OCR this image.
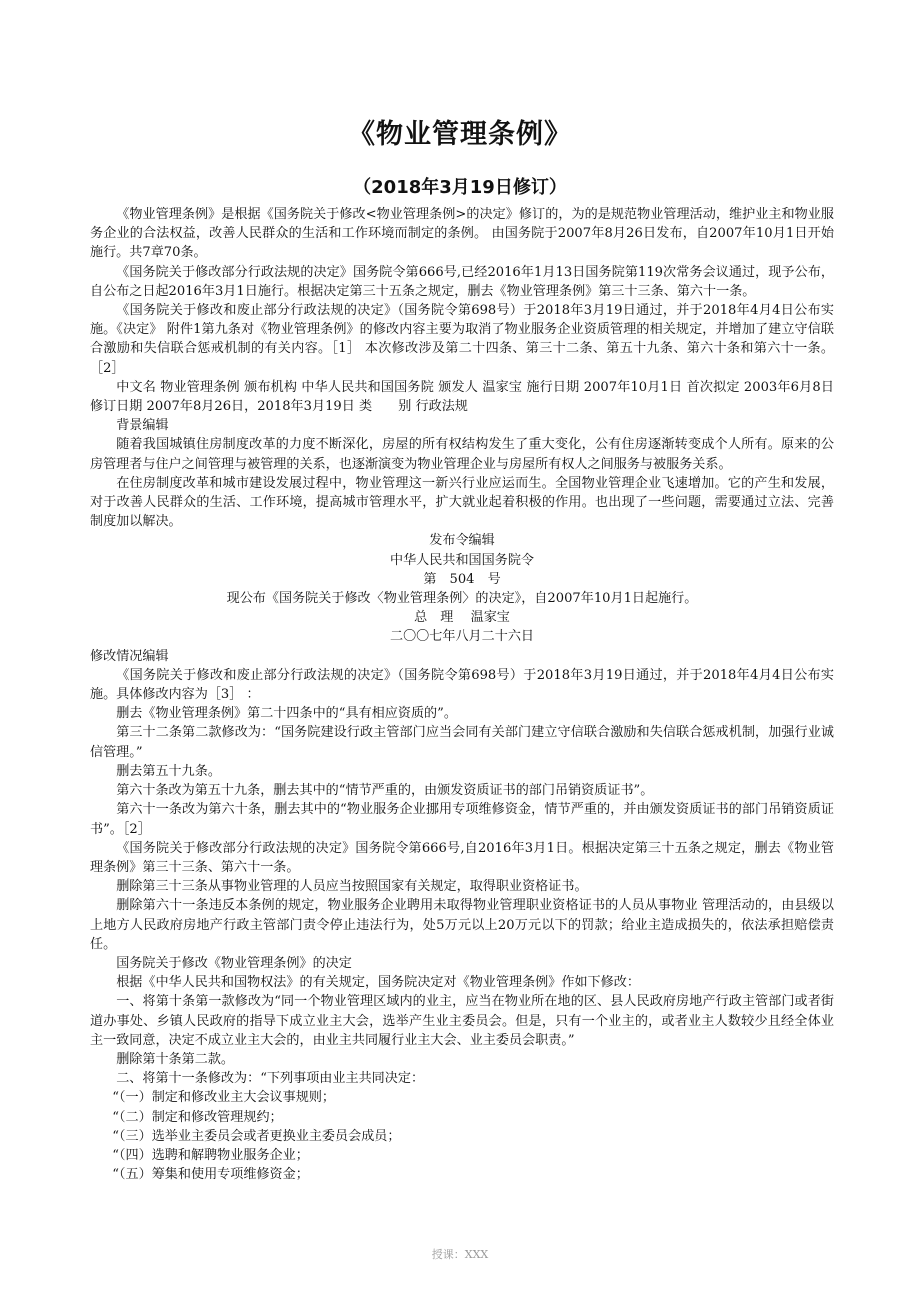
《物业管理条例》
（2018年3月19日修订）

《物业管理条例》是根据《国务院关于修改<物业管理条例>的决定》修订的，为的是规范物业管理活动，维护业主和物业服务企业的合法权益，改善人民群众的生活和工作环境而制定的条例。 由国务院于2007年8月26日发布，自2007年10月1日开始施行。共7章70条。

《国务院关于修改部分行政法规的决定》国务院令第666号,已经2016年1月13日国务院第119次常务会议通过，现予公布，自公布之日起2016年3月1日施行。根据决定第三十五条之规定，删去《物业管理条例》第三十三条、第六十一条。

《国务院关于修改和废止部分行政法规的决定》（国务院令第698号）于2018年3月19日通过，并于2018年4月4日公布实施。《决定》 附件1第九条对《物业管理条例》的修改内容主要为取消了物业服务企业资质管理的相关规定，并增加了建立守信联合激励和失信联合惩戒机制的有关内容。［1］ 本次修改涉及第二十四条、第三十二条、第五十九条、第六十条和第六十一条。［2］

中文名 物业管理条例 颁布机构 中华人民共和国国务院 颁发人 温家宝 施行日期 2007年10月1日 首次拟定 2003年6月8日 修订日期 2007年8月26日，2018年3月19日 类　　别 行政法规

背景编辑

随着我国城镇住房制度改革的力度不断深化，房屋的所有权结构发生了重大变化，公有住房逐渐转变成个人所有。原来的公房管理者与住户之间管理与被管理的关系，也逐渐演变为物业管理企业与房屋所有权人之间服务与被服务关系。

在住房制度改革和城市建设发展过程中，物业管理这一新兴行业应运而生。全国物业管理企业飞速增加。它的产生和发展，对于改善人民群众的生活、工作环境，提高城市管理水平，扩大就业起着积极的作用。也出现了一些问题，需要通过立法、完善制度加以解决。

发布令编辑

中华人民共和国国务院令

第　504　号

现公布《国务院关于修改〈物业管理条例〉的决定》，自2007年10月1日起施行。

总　理　 温家宝

二〇〇七年八月二十六日

修改情况编辑

《国务院关于修改和废止部分行政法规的决定》（国务院令第698号）于2018年3月19日通过，并于2018年4月4日公布实施。具体修改内容为［3］ ：

删去《物业管理条例》第二十四条中的“具有相应资质的”。

第三十二条第二款修改为：“国务院建设行政主管部门应当会同有关部门建立守信联合激励和失信联合惩戒机制，加强行业诚信管理。”

删去第五十九条。

第六十条改为第五十九条，删去其中的“情节严重的，由颁发资质证书的部门吊销资质证书”。

第六十一条改为第六十条，删去其中的“物业服务企业挪用专项维修资金，情节严重的，并由颁发资质证书的部门吊销资质证书”。［2］

《国务院关于修改部分行政法规的决定》国务院令第666号,自2016年3月1日。根据决定第三十五条之规定，删去《物业管理条例》第三十三条、第六十一条。

删除第三十三条从事物业管理的人员应当按照国家有关规定，取得职业资格证书。

删除第六十一条违反本条例的规定，物业服务企业聘用未取得物业管理职业资格证书的人员从事物业 管理活动的，由县级以上地方人民政府房地产行政主管部门责令停止违法行为，处5万元以上20万元以下的罚款；给业主造成损失的，依法承担赔偿责任。

国务院关于修改《物业管理条例》的决定

根据《中华人民共和国物权法》的有关规定，国务院决定对《物业管理条例》作如下修改：

一、将第十条第一款修改为“同一个物业管理区域内的业主，应当在物业所在地的区、县人民政府房地产行政主管部门或者街道办事处、乡镇人民政府的指导下成立业主大会，选举产生业主委员会。但是，只有一个业主的，或者业主人数较少且经全体业主一致同意，决定不成立业主大会的，由业主共同履行业主大会、业主委员会职责。”

删除第十条第二款。

二、将第十一条修改为：“下列事项由业主共同决定：

“（一）制定和修改业主大会议事规则；

“（二）制定和修改管理规约；

“（三）选举业主委员会或者更换业主委员会成员；

“（四）选聘和解聘物业服务企业；

“（五）筹集和使用专项维修资金；

授课：XXX
